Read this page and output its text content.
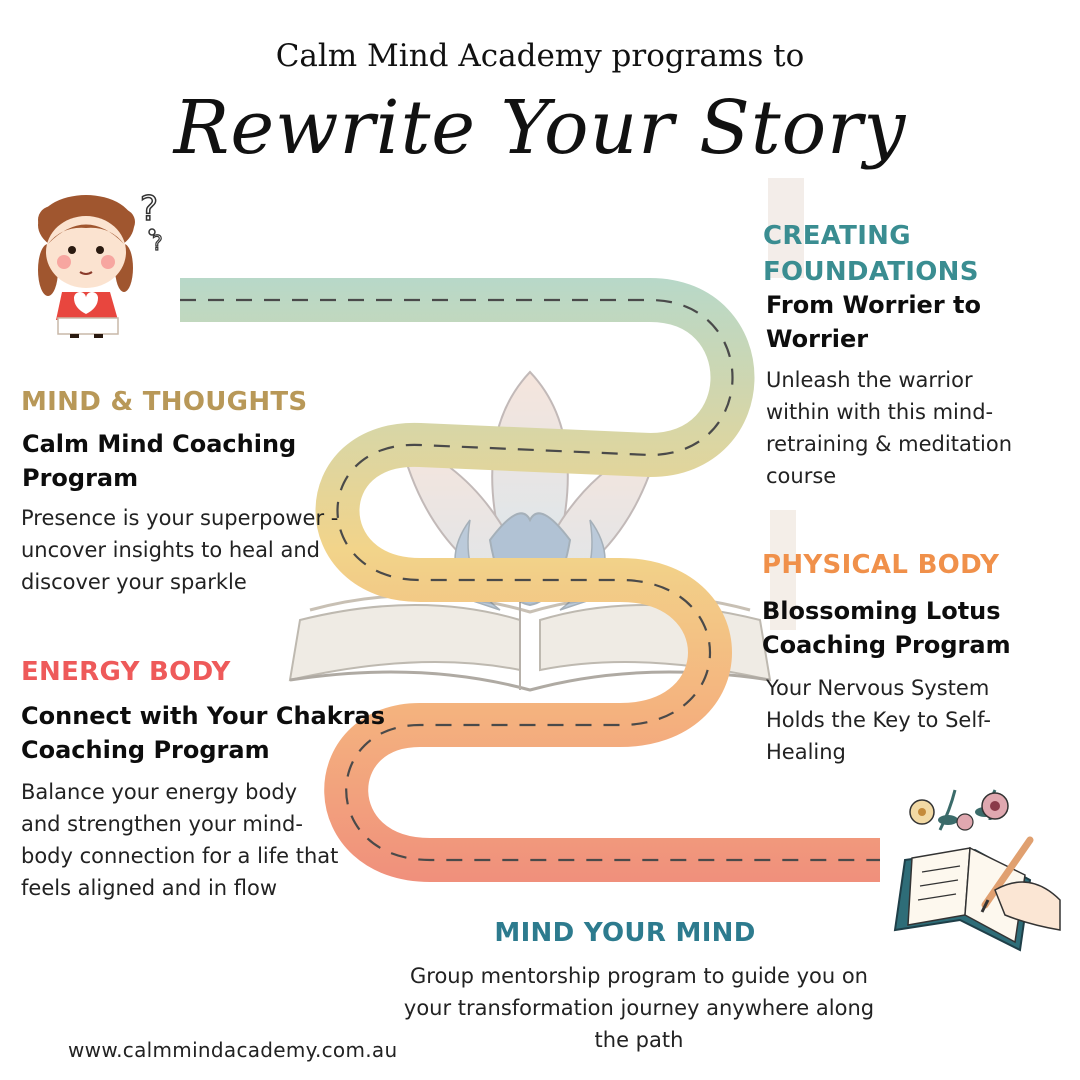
Calm Mind Academy programs to
Rewrite Your Story
?
?	CREATING FOUNDATIONS
From Worrier to Worrier
Unleash the warrior within with this mind-retraining & meditation course
MIND & THOUGHTS
Calm Mind Coaching Program
Presence is your superpower - uncover insights to heal and discover your sparkle
PHYSICAL BODY
Blossoming Lotus Coaching Program
Your Nervous System Holds the Key to Self-Healing
ENERGY BODY
Connect with Your Chakras Coaching Program
Balance your energy body and strengthen your mind-body connection for a life that feels aligned and in flow
MIND YOUR MIND
Group mentorship program to guide you on your transformation journey anywhere along the path
www.calmmindacademy.com.au
